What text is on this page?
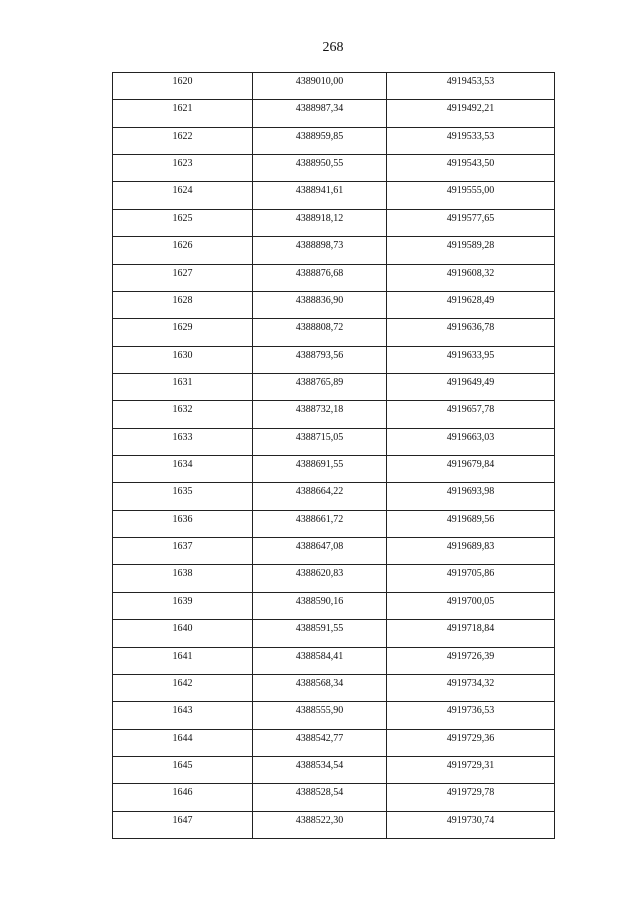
268
1620	4389010,00	4919453,53
1621	4388987,34	4919492,21
1622	4388959,85	4919533,53
1623	4388950,55	4919543,50
1624	4388941,61	4919555,00
1625	4388918,12	4919577,65
1626	4388898,73	4919589,28
1627	4388876,68	4919608,32
1628	4388836,90	4919628,49
1629	4388808,72	4919636,78
1630	4388793,56	4919633,95
1631	4388765,89	4919649,49
1632	4388732,18	4919657,78
1633	4388715,05	4919663,03
1634	4388691,55	4919679,84
1635	4388664,22	4919693,98
1636	4388661,72	4919689,56
1637	4388647,08	4919689,83
1638	4388620,83	4919705,86
1639	4388590,16	4919700,05
1640	4388591,55	4919718,84
1641	4388584,41	4919726,39
1642	4388568,34	4919734,32
1643	4388555,90	4919736,53
1644	4388542,77	4919729,36
1645	4388534,54	4919729,31
1646	4388528,54	4919729,78
1647	4388522,30	4919730,74
